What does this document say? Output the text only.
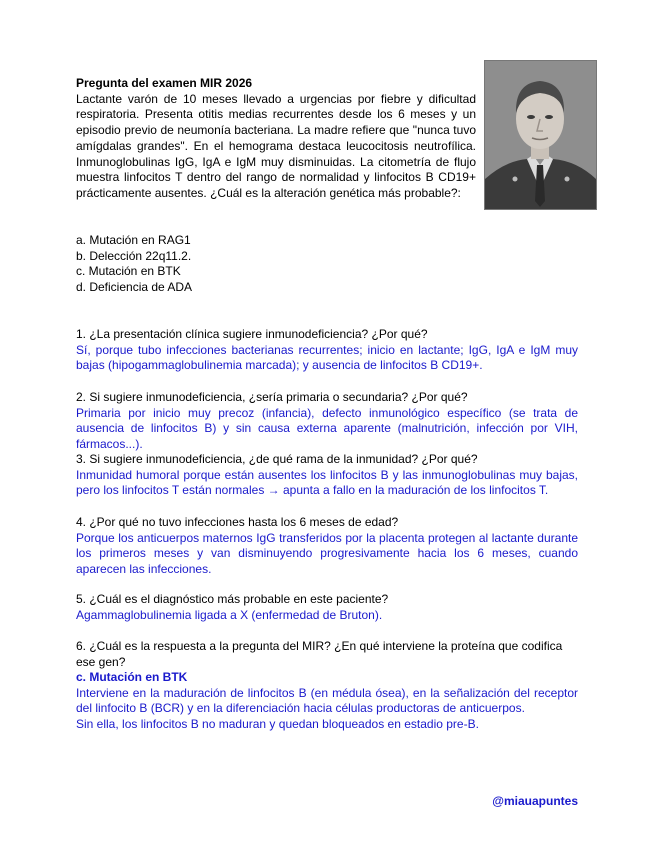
Pregunta del examen MIR 2026
Lactante varón de 10 meses llevado a urgencias por fiebre y dificultad respiratoria. Presenta otitis medias recurrentes desde los 6 meses y un episodio previo de neumonía bacteriana. La madre refiere que "nunca tuvo amígdalas grandes". En el hemograma destaca leucocitosis neutrofílica. Inmunoglobulinas IgG, IgA e IgM muy disminuidas. La citometría de flujo muestra linfocitos T dentro del rango de normalidad y linfocitos B CD19+ prácticamente ausentes. ¿Cuál es la alteración genética más probable?:
a. Mutación en RAG1
b. Delección 22q11.2.
c. Mutación en BTK
d. Deficiencia de ADA
1. ¿La presentación clínica sugiere inmunodeficiencia? ¿Por qué?
Sí, porque tubo infecciones bacterianas recurrentes; inicio en lactante; IgG, IgA e IgM muy bajas (hipogammaglobulinemia marcada); y ausencia de linfocitos B CD19+.
2. Si sugiere inmunodeficiencia, ¿sería primaria o secundaria? ¿Por qué?
Primaria por inicio muy precoz (infancia), defecto inmunológico específico (se trata de ausencia de linfocitos B) y sin causa externa aparente (malnutrición, infección por VIH, fármacos...).
3. Si sugiere inmunodeficiencia, ¿de qué rama de la inmunidad? ¿Por qué?
Inmunidad humoral porque están ausentes los linfocitos B y las inmunoglobulinas muy bajas, pero los linfocitos T están normales → apunta a fallo en la maduración de los linfocitos T.
4. ¿Por qué no tuvo infecciones hasta los 6 meses de edad?
Porque los anticuerpos maternos IgG transferidos por la placenta protegen al lactante durante los primeros meses y van disminuyendo progresivamente hacia los 6 meses, cuando aparecen las infecciones.
5. ¿Cuál es el diagnóstico más probable en este paciente?
Agammaglobulinemia ligada a X (enfermedad de Bruton).
6. ¿Cuál es la respuesta a la pregunta del MIR? ¿En qué interviene la proteína que codifica ese gen?
c. Mutación en BTK
Interviene en la maduración de linfocitos B (en médula ósea), en la señalización del receptor del linfocito B (BCR) y en la diferenciación hacia células productoras de anticuerpos.
Sin ella, los linfocitos B no maduran y quedan bloqueados en estadio pre-B.
@miauapuntes
